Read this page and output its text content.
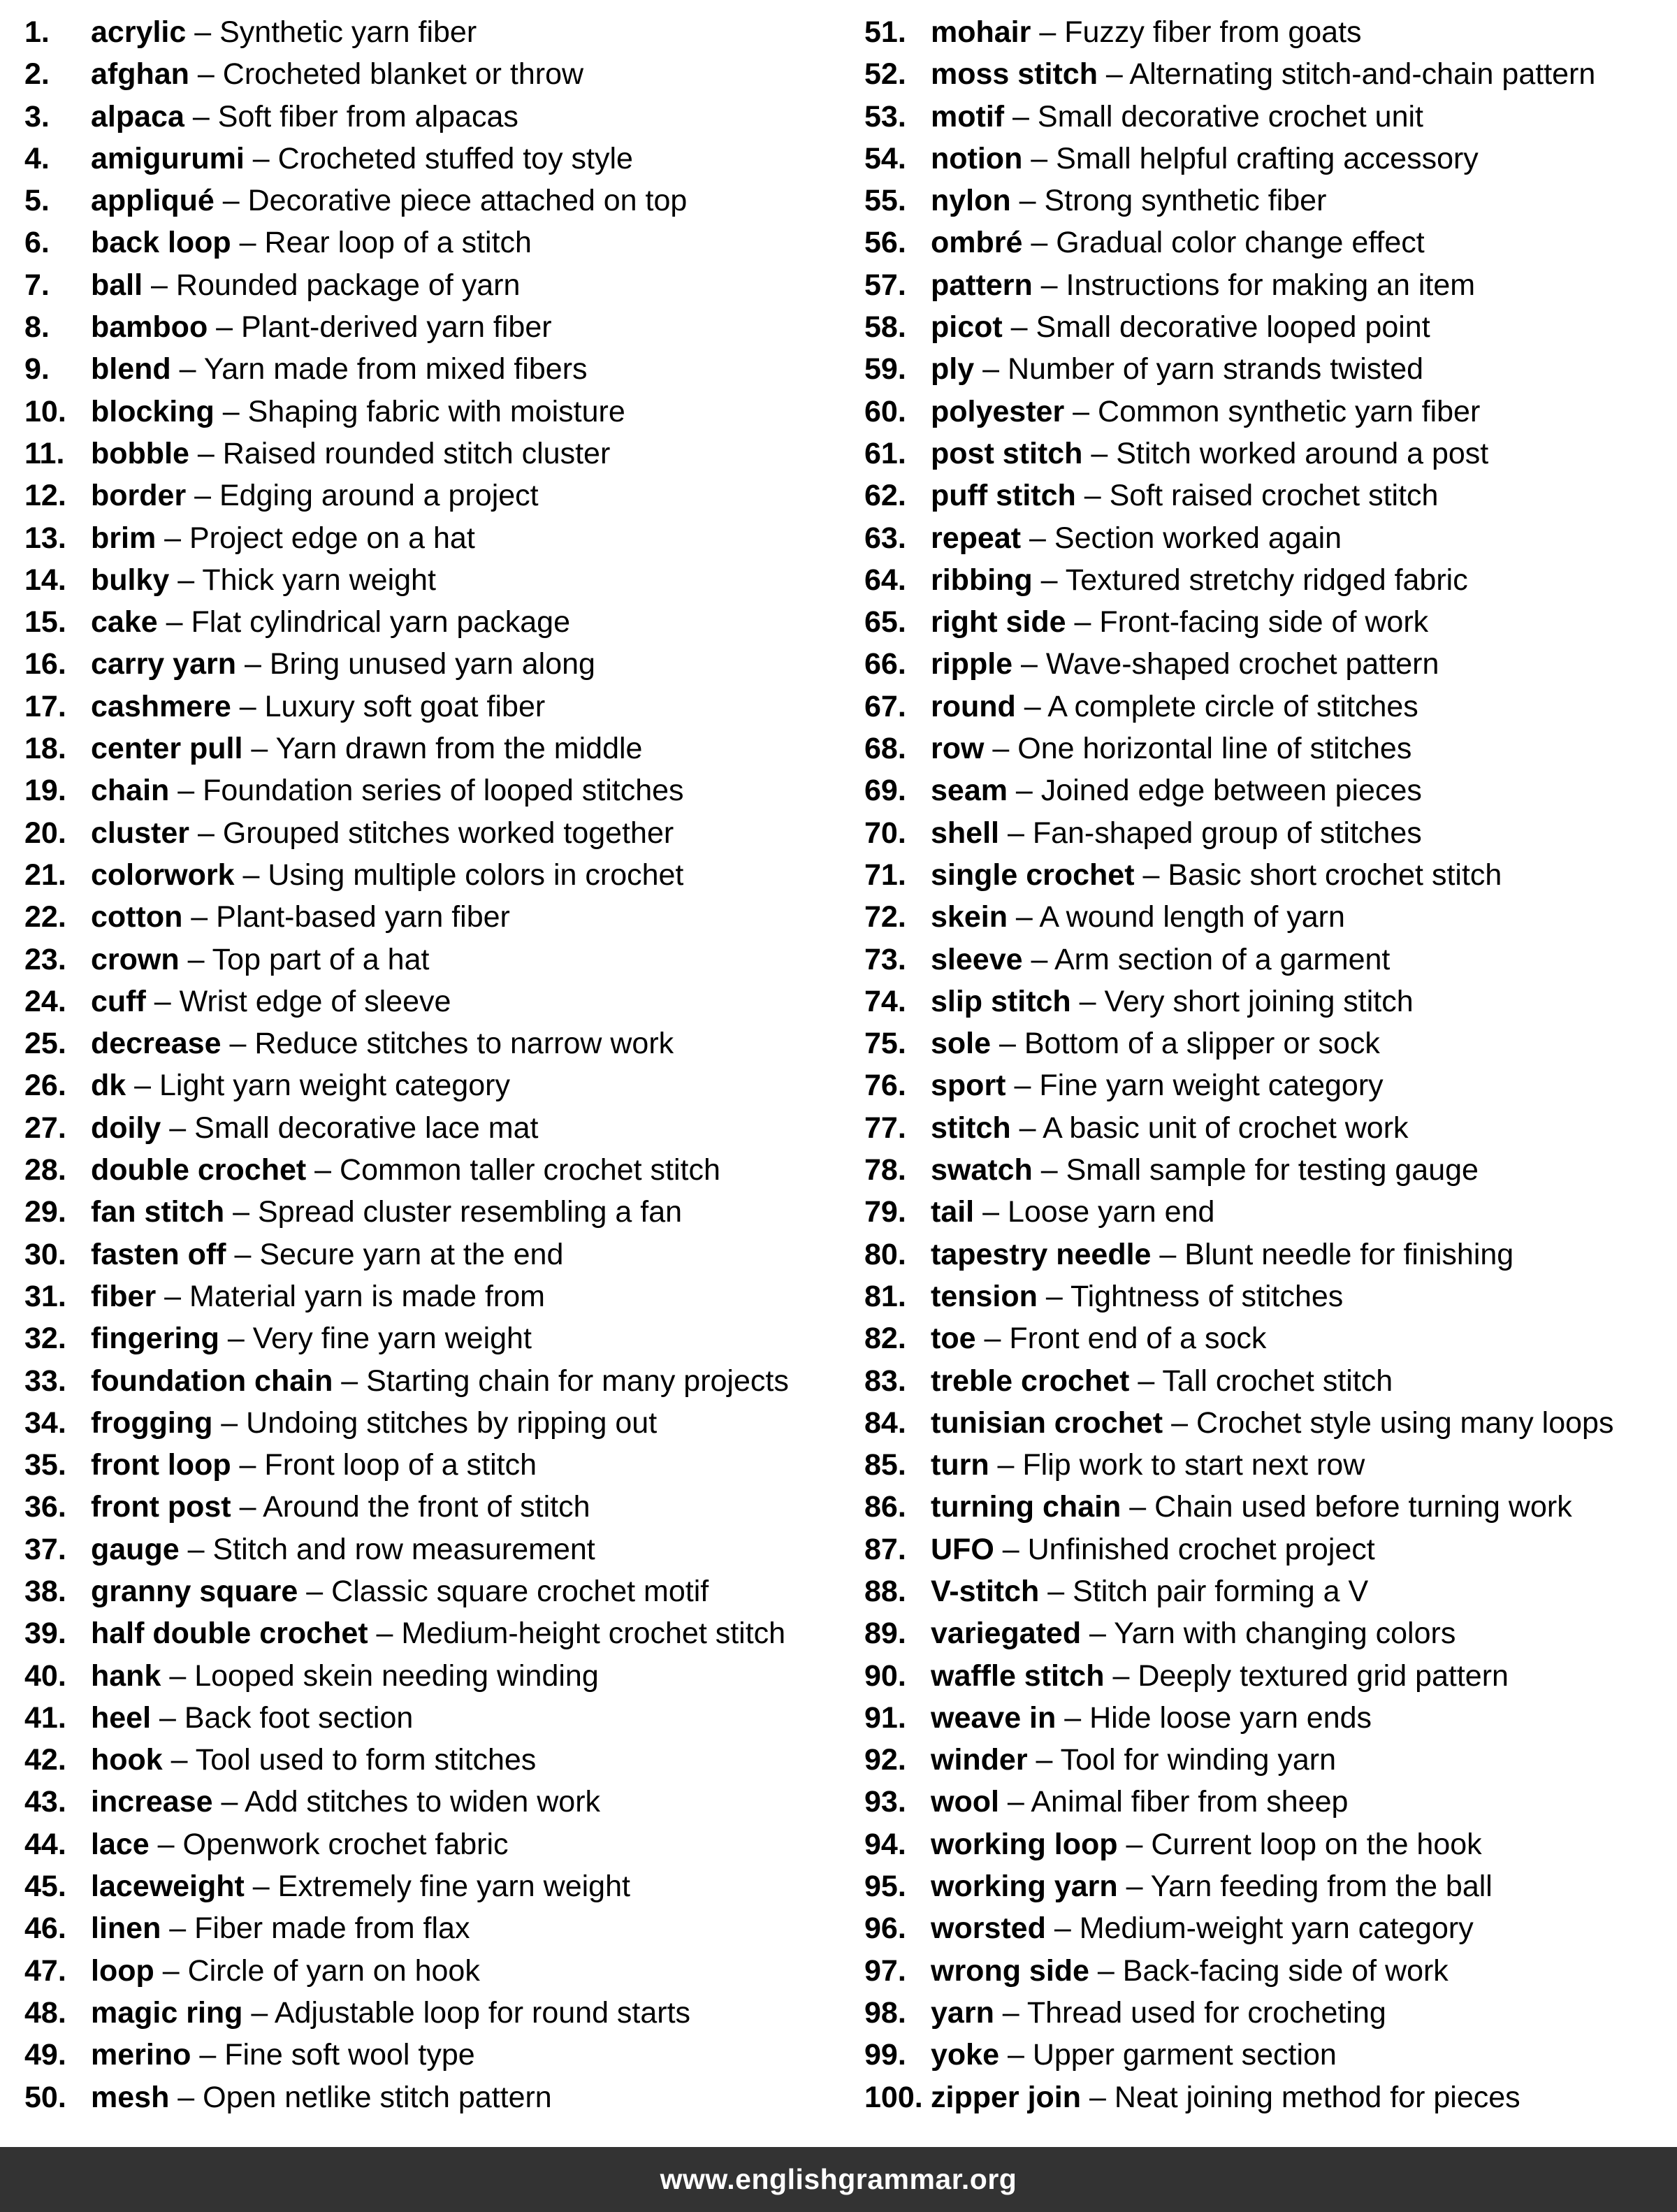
1.	acrylic – Synthetic yarn fiber
2.	afghan – Crocheted blanket or throw
3.	alpaca – Soft fiber from alpacas
4.	amigurumi – Crocheted stuffed toy style
5.	appliqué – Decorative piece attached on top
6.	back loop – Rear loop of a stitch
7.	ball – Rounded package of yarn
8.	bamboo – Plant-derived yarn fiber
9.	blend – Yarn made from mixed fibers
10. blocking – Shaping fabric with moisture
11. bobble – Raised rounded stitch cluster
12. border – Edging around a project
13. brim – Project edge on a hat
14. bulky – Thick yarn weight
15. cake – Flat cylindrical yarn package
16. carry yarn – Bring unused yarn along
17. cashmere – Luxury soft goat fiber
18. center pull – Yarn drawn from the middle
19. chain – Foundation series of looped stitches
20. cluster – Grouped stitches worked together
21. colorwork – Using multiple colors in crochet
22. cotton – Plant-based yarn fiber
23. crown – Top part of a hat
24. cuff – Wrist edge of sleeve
25. decrease – Reduce stitches to narrow work
26. dk – Light yarn weight category
27. doily – Small decorative lace mat
28. double crochet – Common taller crochet stitch
29. fan stitch – Spread cluster resembling a fan
30. fasten off – Secure yarn at the end
31. fiber – Material yarn is made from
32. fingering – Very fine yarn weight
33. foundation chain – Starting chain for many projects
34. frogging – Undoing stitches by ripping out
35. front loop – Front loop of a stitch
36. front post – Around the front of stitch
37. gauge – Stitch and row measurement
38. granny square – Classic square crochet motif
39. half double crochet – Medium-height crochet stitch
40. hank – Looped skein needing winding
41. heel – Back foot section
42. hook – Tool used to form stitches
43. increase – Add stitches to widen work
44. lace – Openwork crochet fabric
45. laceweight – Extremely fine yarn weight
46. linen – Fiber made from flax
47. loop – Circle of yarn on hook
48. magic ring – Adjustable loop for round starts
49. merino – Fine soft wool type
50. mesh – Open netlike stitch pattern
51. mohair – Fuzzy fiber from goats
52. moss stitch – Alternating stitch-and-chain pattern
53. motif – Small decorative crochet unit
54. notion – Small helpful crafting accessory
55. nylon – Strong synthetic fiber
56. ombré – Gradual color change effect
57. pattern – Instructions for making an item
58. picot – Small decorative looped point
59. ply – Number of yarn strands twisted
60. polyester – Common synthetic yarn fiber
61. post stitch – Stitch worked around a post
62. puff stitch – Soft raised crochet stitch
63. repeat – Section worked again
64. ribbing – Textured stretchy ridged fabric
65. right side – Front-facing side of work
66. ripple – Wave-shaped crochet pattern
67. round – A complete circle of stitches
68. row – One horizontal line of stitches
69. seam – Joined edge between pieces
70. shell – Fan-shaped group of stitches
71. single crochet – Basic short crochet stitch
72. skein – A wound length of yarn
73. sleeve – Arm section of a garment
74. slip stitch – Very short joining stitch
75. sole – Bottom of a slipper or sock
76. sport – Fine yarn weight category
77. stitch – A basic unit of crochet work
78. swatch – Small sample for testing gauge
79. tail – Loose yarn end
80. tapestry needle – Blunt needle for finishing
81. tension – Tightness of stitches
82. toe – Front end of a sock
83. treble crochet – Tall crochet stitch
84. tunisian crochet – Crochet style using many loops
85. turn – Flip work to start next row
86. turning chain – Chain used before turning work
87. UFO – Unfinished crochet project
88. V-stitch – Stitch pair forming a V
89. variegated – Yarn with changing colors
90. waffle stitch – Deeply textured grid pattern
91. weave in – Hide loose yarn ends
92. winder – Tool for winding yarn
93. wool – Animal fiber from sheep
94. working loop – Current loop on the hook
95. working yarn – Yarn feeding from the ball
96. worsted – Medium-weight yarn category
97. wrong side – Back-facing side of work
98. yarn – Thread used for crocheting
99. yoke – Upper garment section
100. zipper join – Neat joining method for pieces
www.englishgrammar.org
